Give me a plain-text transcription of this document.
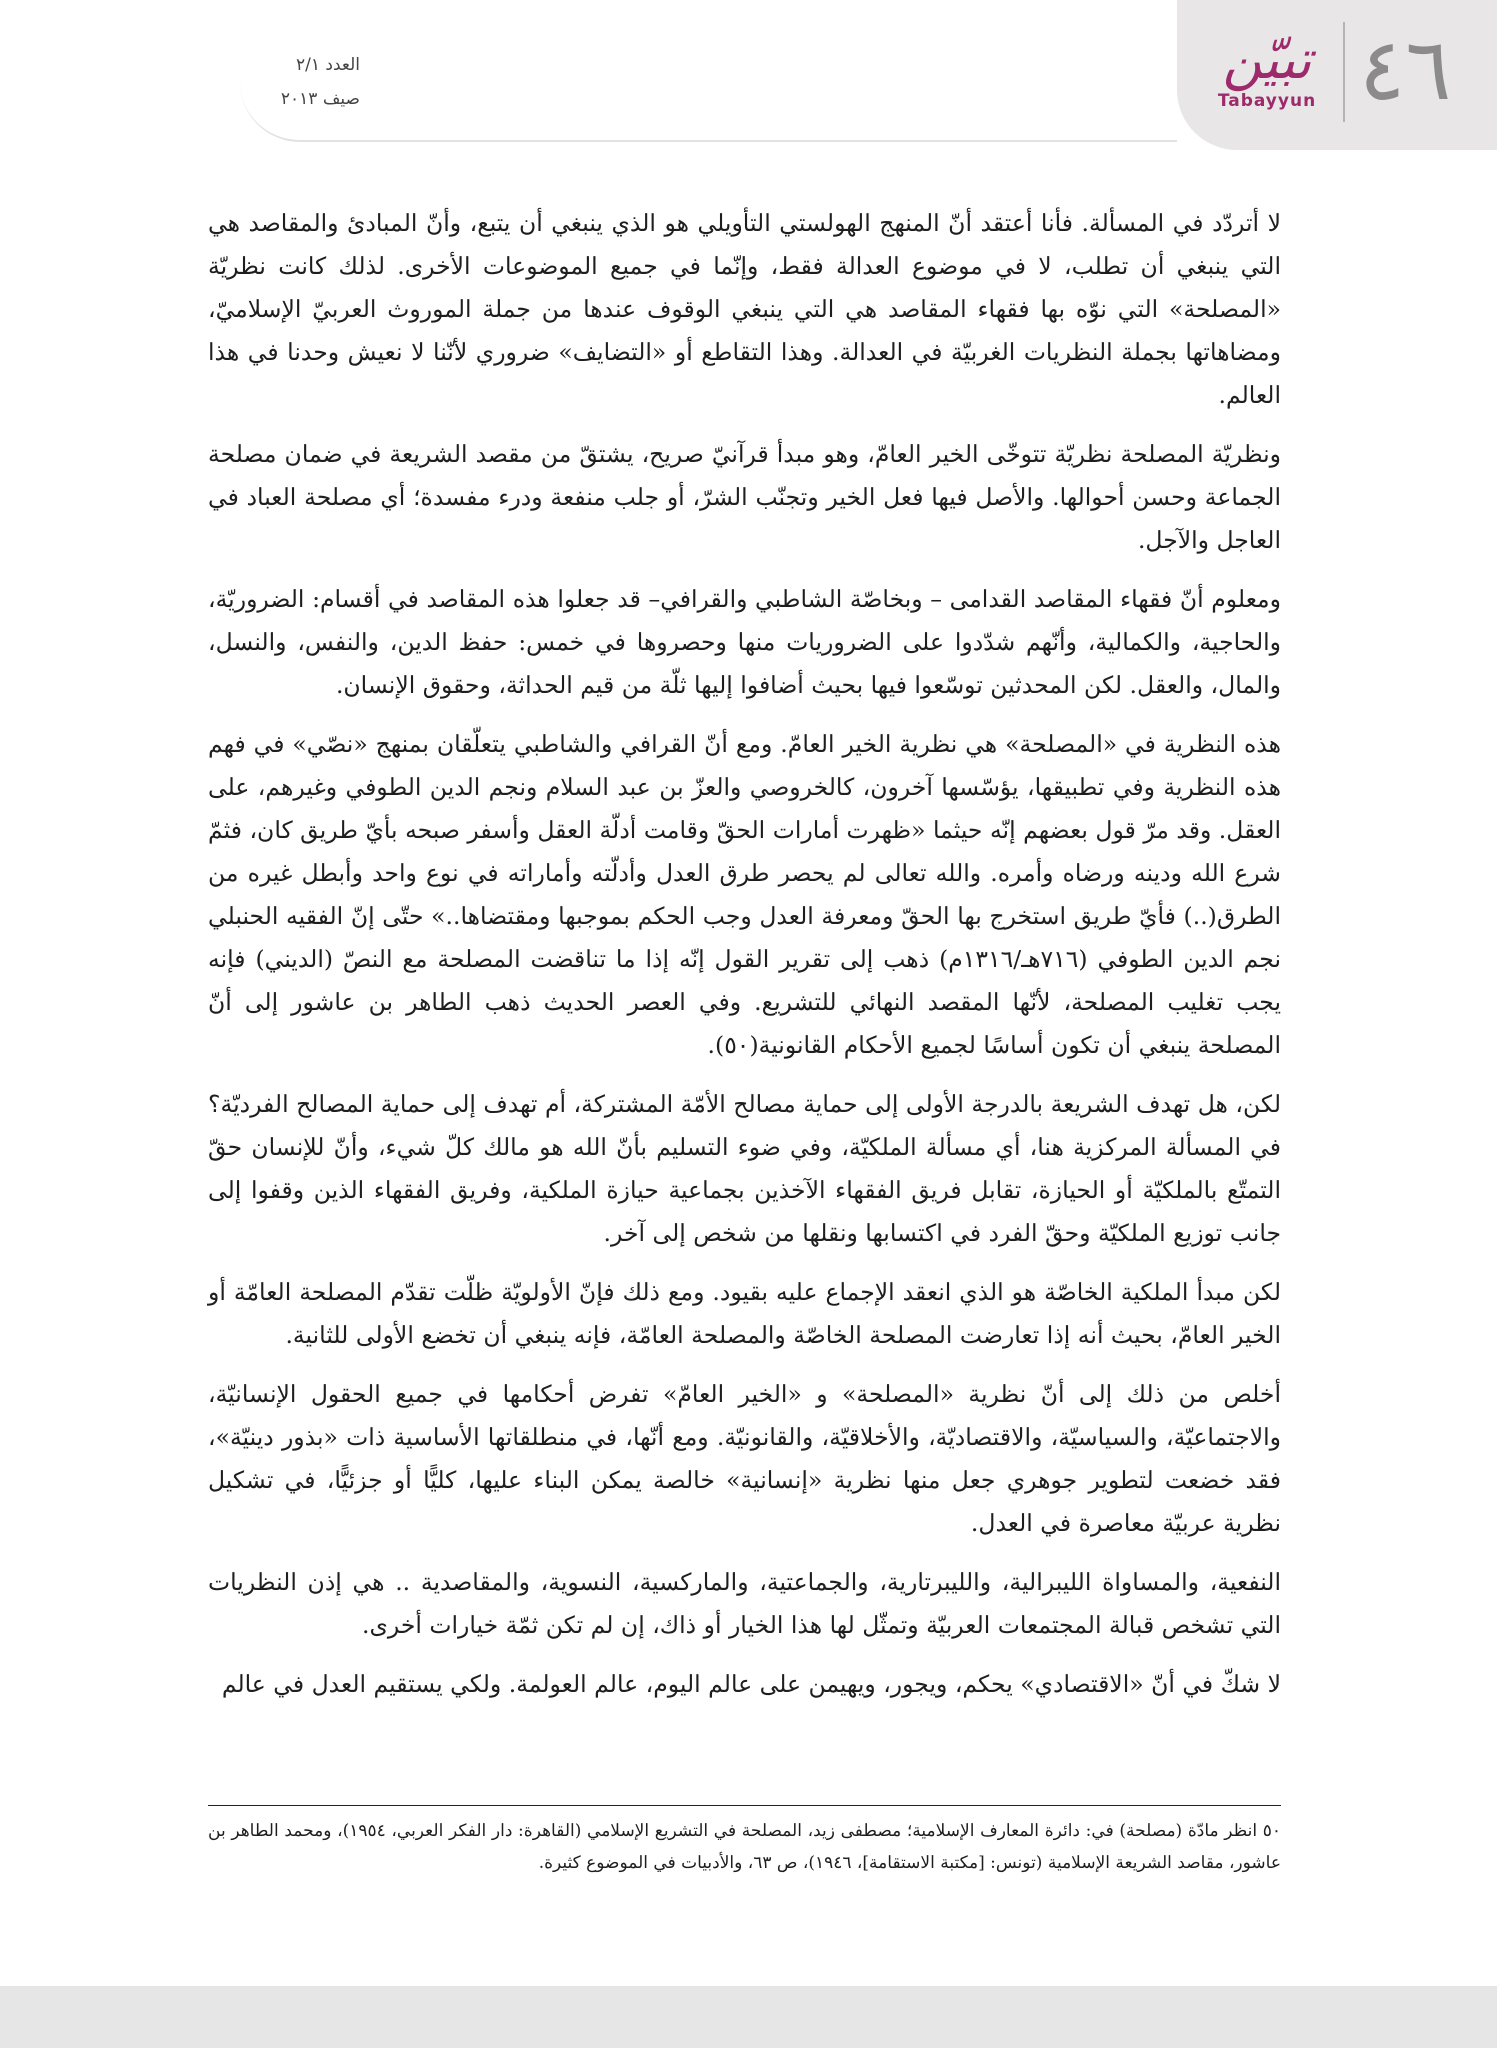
٤٦
تبيّن
Tabayyun
العدد ٢/١
صيف ٢٠١٣

لا أتردّد في المسألة. فأنا أعتقد أنّ المنهج الهولستي التأويلي هو الذي ينبغي أن يتبع، وأنّ المبادئ والمقاصد هي التي ينبغي أن تطلب، لا في موضوع العدالة فقط، وإنّما في جميع الموضوعات الأخرى. لذلك كانت نظريّة «المصلحة» التي نوّه بها فقهاء المقاصد هي التي ينبغي الوقوف عندها من جملة الموروث العربيّ الإسلاميّ، ومضاهاتها بجملة النظريات الغربيّة في العدالة. وهذا التقاطع أو «التضايف» ضروري لأنّنا لا نعيش وحدنا في هذا العالم.

ونظريّة المصلحة نظريّة تتوخّى الخير العامّ، وهو مبدأ قرآنيّ صريح، يشتقّ من مقصد الشريعة في ضمان مصلحة الجماعة وحسن أحوالها. والأصل فيها فعل الخير وتجنّب الشرّ، أو جلب منفعة ودرء مفسدة؛ أي مصلحة العباد في العاجل والآجل.

ومعلوم أنّ فقهاء المقاصد القدامى – وبخاصّة الشاطبي والقرافي– قد جعلوا هذه المقاصد في أقسام: الضروريّة، والحاجية، والكمالية، وأنّهم شدّدوا على الضروريات منها وحصروها في خمس: حفظ الدين، والنفس، والنسل، والمال، والعقل. لكن المحدثين توسّعوا فيها بحيث أضافوا إليها ثلّة من قيم الحداثة، وحقوق الإنسان.

هذه النظرية في «المصلحة» هي نظرية الخير العامّ. ومع أنّ القرافي والشاطبي يتعلّقان بمنهج «نصّي» في فهم هذه النظرية وفي تطبيقها، يؤسّسها آخرون، كالخروصي والعزّ بن عبد السلام ونجم الدين الطوفي وغيرهم، على العقل. وقد مرّ قول بعضهم إنّه حيثما «ظهرت أمارات الحقّ وقامت أدلّة العقل وأسفر صبحه بأيّ طريق كان، فثمّ شرع الله ودينه ورضاه وأمره. والله تعالى لم يحصر طرق العدل وأدلّته وأماراته في نوع واحد وأبطل غيره من الطرق(..) فأيّ طريق استخرج بها الحقّ ومعرفة العدل وجب الحكم بموجبها ومقتضاها..» حتّى إنّ الفقيه الحنبلي نجم الدين الطوفي (٧١٦هـ/١٣١٦م) ذهب إلى تقرير القول إنّه إذا ما تناقضت المصلحة مع النصّ (الديني) فإنه يجب تغليب المصلحة، لأنّها المقصد النهائي للتشريع. وفي العصر الحديث ذهب الطاهر بن عاشور إلى أنّ المصلحة ينبغي أن تكون أساسًا لجميع الأحكام القانونية(٥٠).

لكن، هل تهدف الشريعة بالدرجة الأولى إلى حماية مصالح الأمّة المشتركة، أم تهدف إلى حماية المصالح الفرديّة؟ في المسألة المركزية هنا، أي مسألة الملكيّة، وفي ضوء التسليم بأنّ الله هو مالك كلّ شيء، وأنّ للإنسان حقّ التمتّع بالملكيّة أو الحيازة، تقابل فريق الفقهاء الآخذين بجماعية حيازة الملكية، وفريق الفقهاء الذين وقفوا إلى جانب توزيع الملكيّة وحقّ الفرد في اكتسابها ونقلها من شخص إلى آخر.

لكن مبدأ الملكية الخاصّة هو الذي انعقد الإجماع عليه بقيود. ومع ذلك فإنّ الأولويّة ظلّت تقدّم المصلحة العامّة أو الخير العامّ، بحيث أنه إذا تعارضت المصلحة الخاصّة والمصلحة العامّة، فإنه ينبغي أن تخضع الأولى للثانية.

أخلص من ذلك إلى أنّ نظرية «المصلحة» و «الخير العامّ» تفرض أحكامها في جميع الحقول الإنسانيّة، والاجتماعيّة، والسياسيّة، والاقتصاديّة، والأخلاقيّة، والقانونيّة. ومع أنّها، في منطلقاتها الأساسية ذات «بذور دينيّة»، فقد خضعت لتطوير جوهري جعل منها نظرية «إنسانية» خالصة يمكن البناء عليها، كليًّا أو جزئيًّا، في تشكيل نظرية عربيّة معاصرة في العدل.

النفعية، والمساواة الليبرالية، والليبرتارية، والجماعتية، والماركسية، النسوية، والمقاصدية .. هي إذن النظريات التي تشخص قبالة المجتمعات العربيّة وتمثّل لها هذا الخيار أو ذاك، إن لم تكن ثمّة خيارات أخرى.

لا شكّ في أنّ «الاقتصادي» يحكم، ويجور، ويهيمن على عالم اليوم، عالم العولمة. ولكي يستقيم العدل في عالم

٥٠ انظر مادّة (مصلحة) في: دائرة المعارف الإسلامية؛ مصطفى زيد، المصلحة في التشريع الإسلامي (القاهرة: دار الفكر العربي، ١٩٥٤)، ومحمد الطاهر بن عاشور، مقاصد الشريعة الإسلامية (تونس: [مكتبة الاستقامة]، ١٩٤٦)، ص ٦٣، والأدبيات في الموضوع كثيرة.
